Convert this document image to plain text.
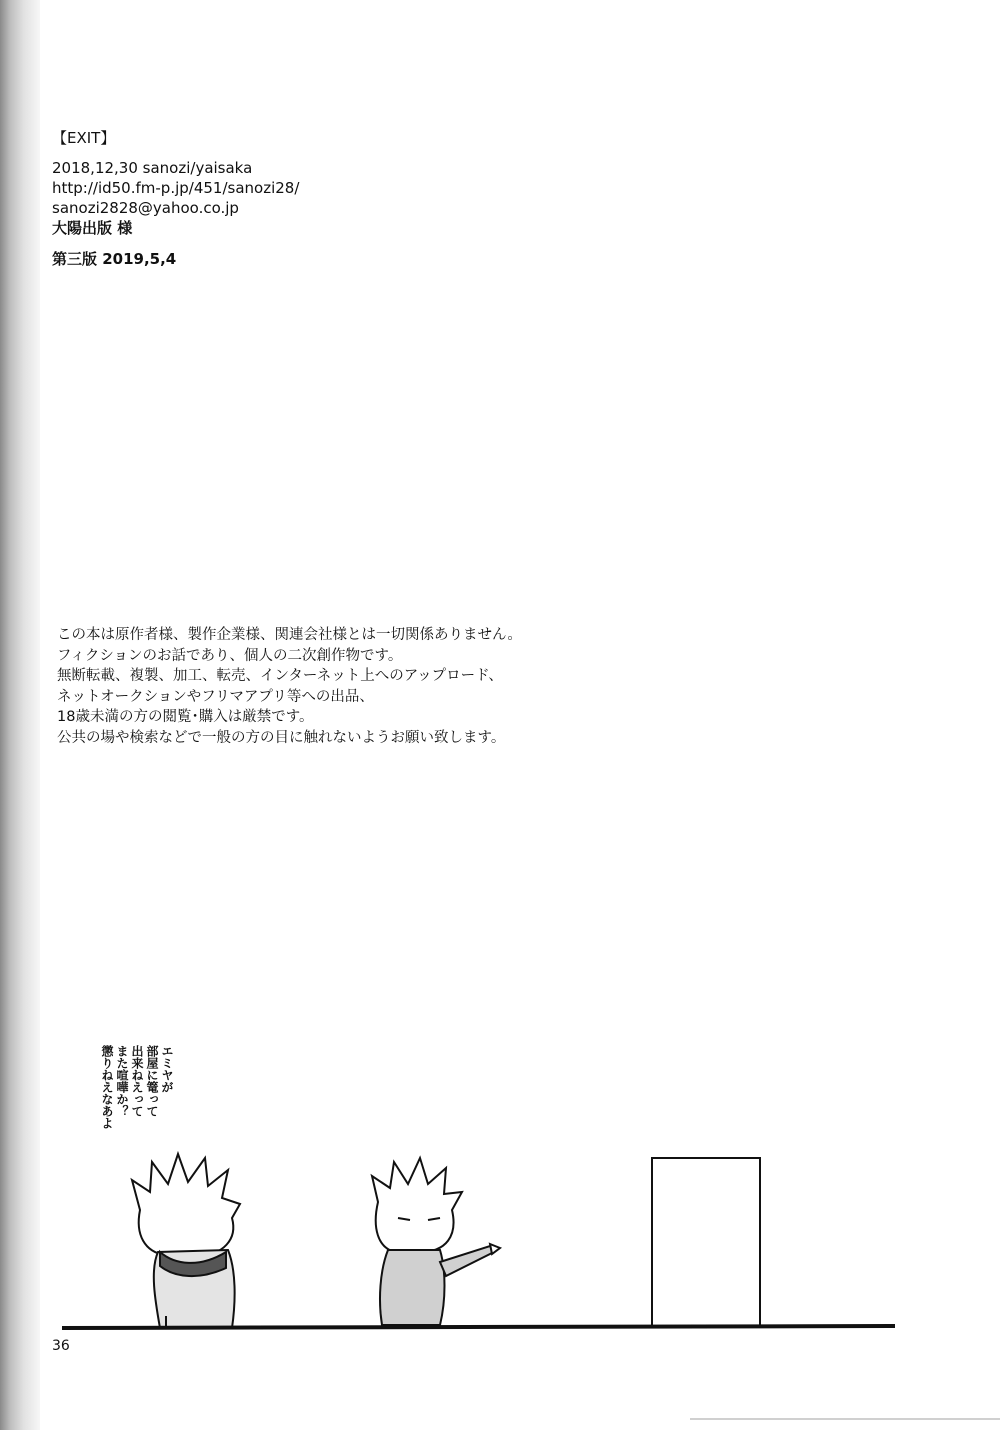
【EXIT】
2018,12,30 sanozi/yaisaka
http://id50.fm-p.jp/451/sanozi28/
sanozi2828@yahoo.co.jp
大陽出版 様
第三版 2019,5,4
この本は原作者様、製作企業様、関連会社様とは一切関係ありません。
フィクションのお話であり、個人の二次創作物です。
無断転載、複製、加工、転売、インターネット上へのアップロード、
ネットオークションやフリマアプリ等への出品、
18歳未満の方の閲覧･購入は厳禁です。
公共の場や検索などで一般の方の目に触れないようお願い致します。
エミヤが
部屋に篭って
出来ねえって
また喧嘩か？
懲りねえなあよ
36
